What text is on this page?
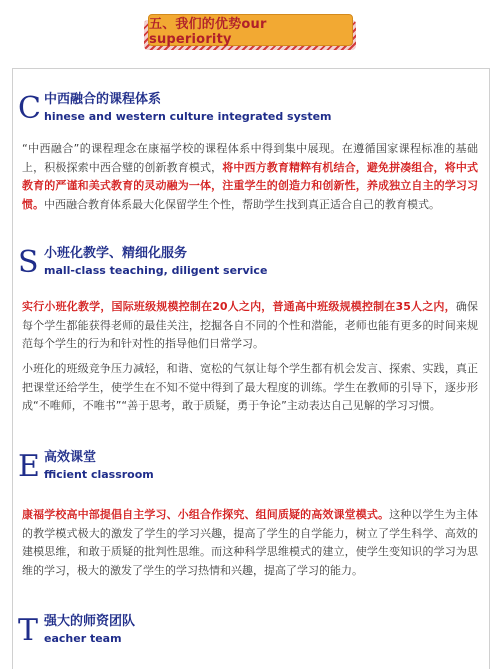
五、我们的优势our superiority
C 中西融合的课程体系
hinese and western culture integrated system
“中西融合”的课程理念在康福学校的课程体系中得到集中展现。在遵循国家课程标准的基础上，积极探索中西合璧的创新教育模式，将中西方教育精粹有机结合，避免拼凑组合，将中式教育的严谨和美式教育的灵动融为一体，注重学生的创造力和创新性，养成独立自主的学习习惯。中西融合教育体系最大化保留学生个性，帮助学生找到真正适合自己的教育模式。
S 小班化教学、精细化服务
mall-class teaching, diligent service
实行小班化教学，国际班级规模控制在20人之内，普通高中班级规模控制在35人之内，确保每个学生都能获得老师的最佳关注，挖掘各自不同的个性和潜能，老师也能有更多的时间来规范每个学生的行为和针对性的指导他们日常学习。
小班化的班级竞争压力减轻，和谐、宽松的气氛让每个学生都有机会发言、探索、实践，真正把课堂还给学生，使学生在不知不觉中得到了最大程度的训练。学生在教师的引导下，逐步形成“不唯师，不唯书”“善于思考，敢于质疑，勇于争论”主动表达自己见解的学习习惯。
E 高效课堂
fficient classroom
康福学校高中部提倡自主学习、小组合作探究、组间质疑的高效课堂模式。这种以学生为主体的教学模式极大的激发了学生的学习兴趣，提高了学生的自学能力，树立了学生科学、高效的建模思维，和敢于质疑的批判性思维。而这种科学思维模式的建立，使学生变知识的学习为思维的学习，极大的激发了学生的学习热情和兴趣，提高了学习的能力。
T 强大的师资团队
eacher team
